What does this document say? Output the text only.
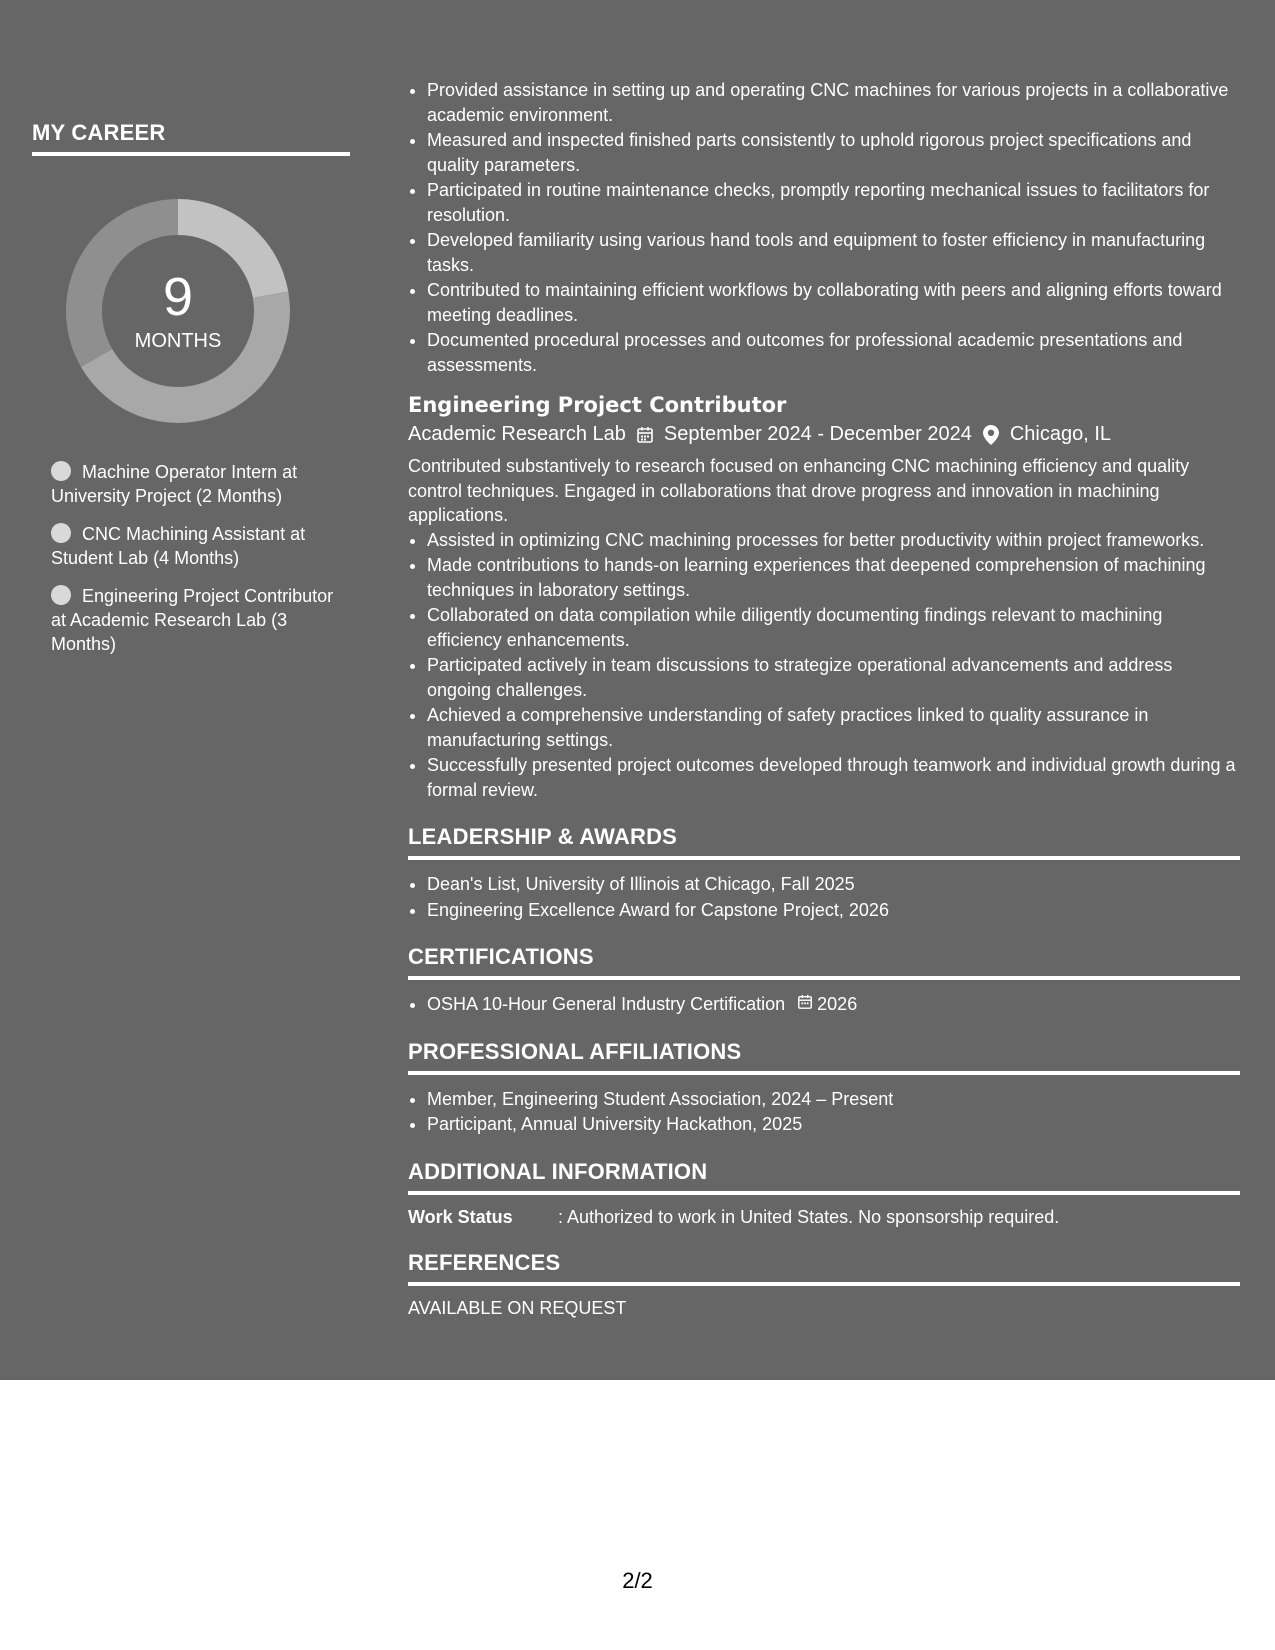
MY CAREER
9
MONTHS
Machine Operator Intern at University Project (2 Months)
CNC Machining Assistant at Student Lab (4 Months)
Engineering Project Contributor at Academic Research Lab (3 Months)
• Provided assistance in setting up and operating CNC machines for various projects in a collaborative academic environment.
• Measured and inspected finished parts consistently to uphold rigorous project specifications and quality parameters.
• Participated in routine maintenance checks, promptly reporting mechanical issues to facilitators for resolution.
• Developed familiarity using various hand tools and equipment to foster efficiency in manufacturing tasks.
• Contributed to maintaining efficient workflows by collaborating with peers and aligning efforts toward meeting deadlines.
• Documented procedural processes and outcomes for professional academic presentations and assessments.
Engineering Project Contributor
Academic Research Lab September 2024 - December 2024 Chicago, IL

Contributed substantively to research focused on enhancing CNC machining efficiency and quality control techniques. Engaged in collaborations that drove progress and innovation in machining applications.

• Assisted in optimizing CNC machining processes for better productivity within project frameworks.
• Made contributions to hands-on learning experiences that deepened comprehension of machining techniques in laboratory settings.
• Collaborated on data compilation while diligently documenting findings relevant to machining efficiency enhancements.
• Participated actively in team discussions to strategize operational advancements and address ongoing challenges.
• Achieved a comprehensive understanding of safety practices linked to quality assurance in manufacturing settings.
• Successfully presented project outcomes developed through teamwork and individual growth during a formal review.
LEADERSHIP & AWARDS
• Dean's List, University of Illinois at Chicago, Fall 2025
• Engineering Excellence Award for Capstone Project, 2026
CERTIFICATIONS
• OSHA 10-Hour General Industry Certification 2026
PROFESSIONAL AFFILIATIONS
• Member, Engineering Student Association, 2024 – Present
• Participant, Annual University Hackathon, 2025
ADDITIONAL INFORMATION
Work Status	: Authorized to work in United States. No sponsorship required.
REFERENCES
AVAILABLE ON REQUEST
2/2
